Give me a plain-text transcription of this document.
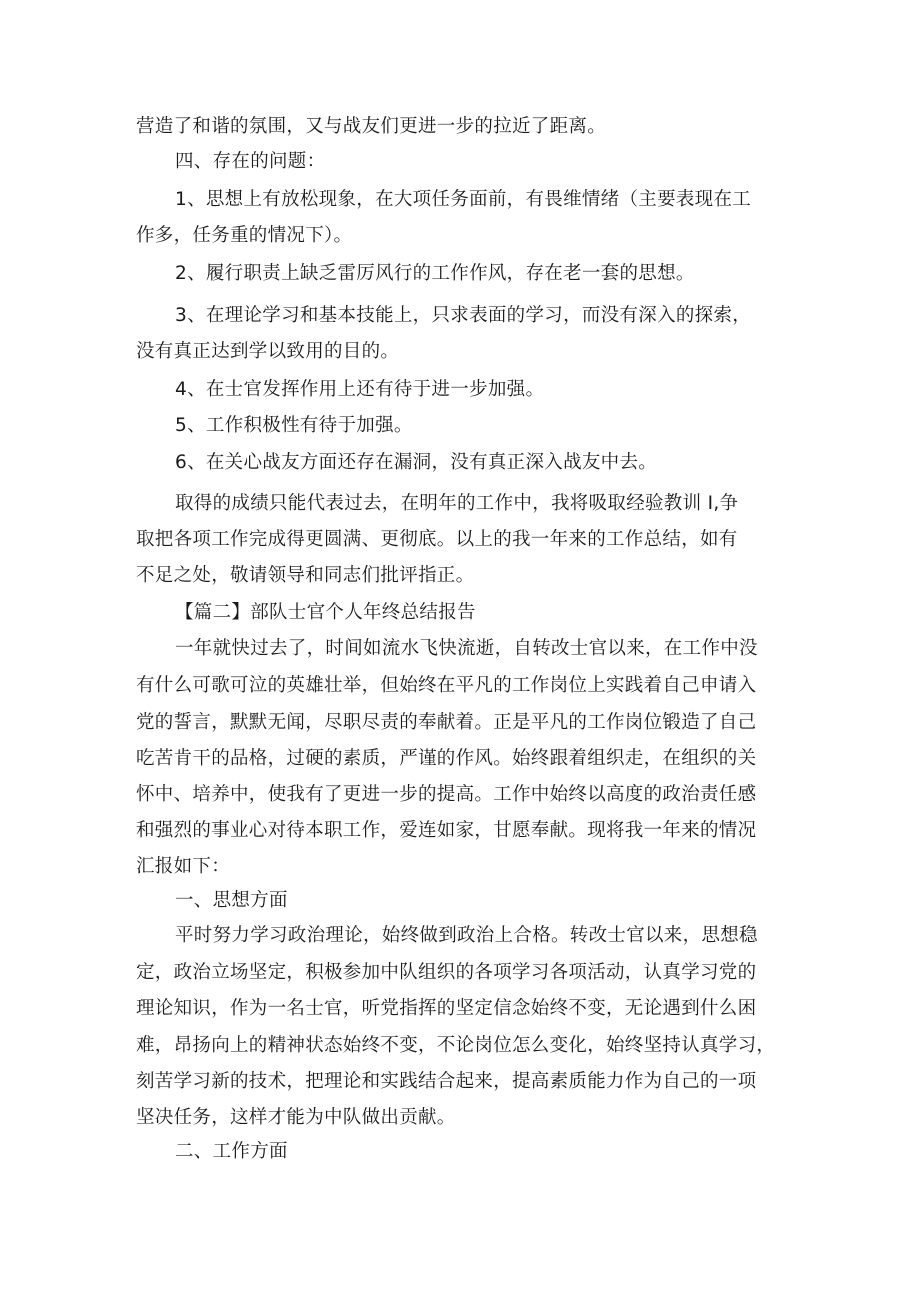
营造了和谐的氛围，又与战友们更进一步的拉近了距离。

四、存在的问题：

1、思想上有放松现象，在大项任务面前，有畏维情绪（主要表现在工

作多，任务重的情况下）。

2、履行职责上缺乏雷厉风行的工作作风，存在老一套的思想。

3、在理论学习和基本技能上，只求表面的学习，而没有深入的探索，

没有真正达到学以致用的目的。

4、在士官发挥作用上还有待于进一步加强。

5、工作积极性有待于加强。

6、在关心战友方面还存在漏洞，没有真正深入战友中去。

取得的成绩只能代表过去，在明年的工作中，我将吸取经验教训 I,争

取把各项工作完成得更圆满、更彻底。以上的我一年来的工作总结，如有

不足之处，敬请领导和同志们批评指正。

【篇二】部队士官个人年终总结报告

一年就快过去了，时间如流水飞快流逝，自转改士官以来，在工作中没

有什么可歌可泣的英雄壮举，但始终在平凡的工作岗位上实践着自己申请入

党的誓言，默默无闻，尽职尽责的奉献着。正是平凡的工作岗位锻造了自己

吃苦肯干的品格，过硬的素质，严谨的作风。始终跟着组织走，在组织的关

怀中、培养中，使我有了更进一步的提高。工作中始终以高度的政治责任感

和强烈的事业心对待本职工作，爱连如家，甘愿奉献。现将我一年来的情况

汇报如下：

一、思想方面

平时努力学习政治理论，始终做到政治上合格。转改士官以来，思想稳

定，政治立场坚定，积极参加中队组织的各项学习各项活动，认真学习党的

理论知识，作为一名士官，听党指挥的坚定信念始终不变，无论遇到什么困

难，昂扬向上的精神状态始终不变，不论岗位怎么变化，始终坚持认真学习，

刻苦学习新的技术，把理论和实践结合起来，提高素质能力作为自己的一项

坚决任务，这样才能为中队做出贡献。

二、工作方面
